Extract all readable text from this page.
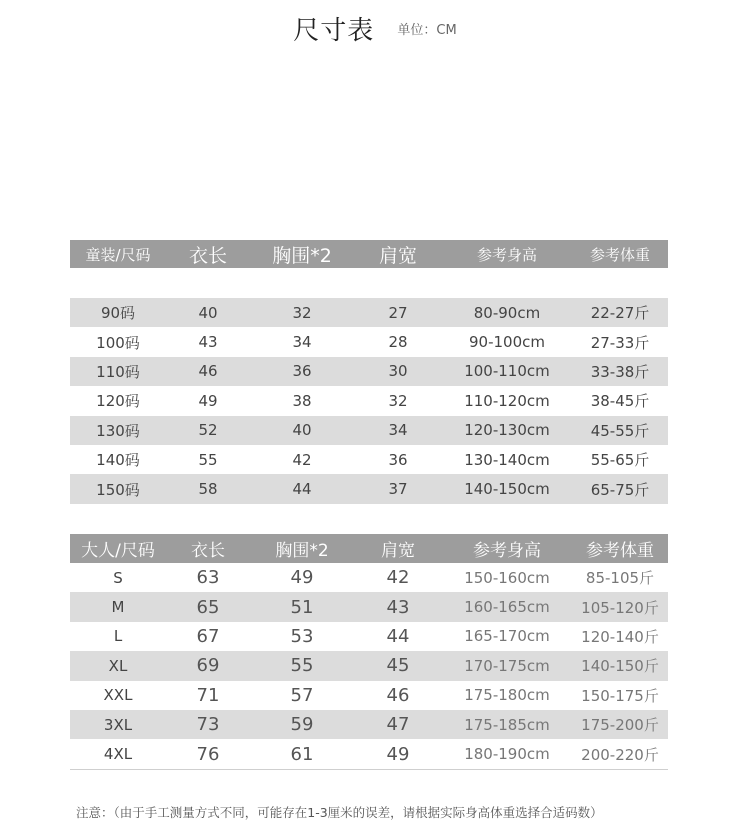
尺寸表 单位：CM
童装/尺码	衣长	胸围*2	肩宽	参考身高	参考体重

90码	40	32	27	80-90cm	22-27斤
100码	43	34	28	90-100cm	27-33斤
110码	46	36	30	100-110cm	33-38斤
120码	49	38	32	110-120cm	38-45斤
130码	52	40	34	120-130cm	45-55斤
140码	55	42	36	130-140cm	55-65斤
150码	58	44	37	140-150cm	65-75斤
大人/尺码	衣长	胸围*2	肩宽	参考身高	参考体重
S	63	49	42	150-160cm	85-105斤
M	65	51	43	160-165cm	105-120斤
L	67	53	44	165-170cm	120-140斤
XL	69	55	45	170-175cm	140-150斤
XXL	71	57	46	175-180cm	150-175斤
3XL	73	59	47	175-185cm	175-200斤
4XL	76	61	49	180-190cm	200-220斤
注意：（由于手工测量方式不同，可能存在1-3厘米的误差，请根据实际身高体重选择合适码数）
